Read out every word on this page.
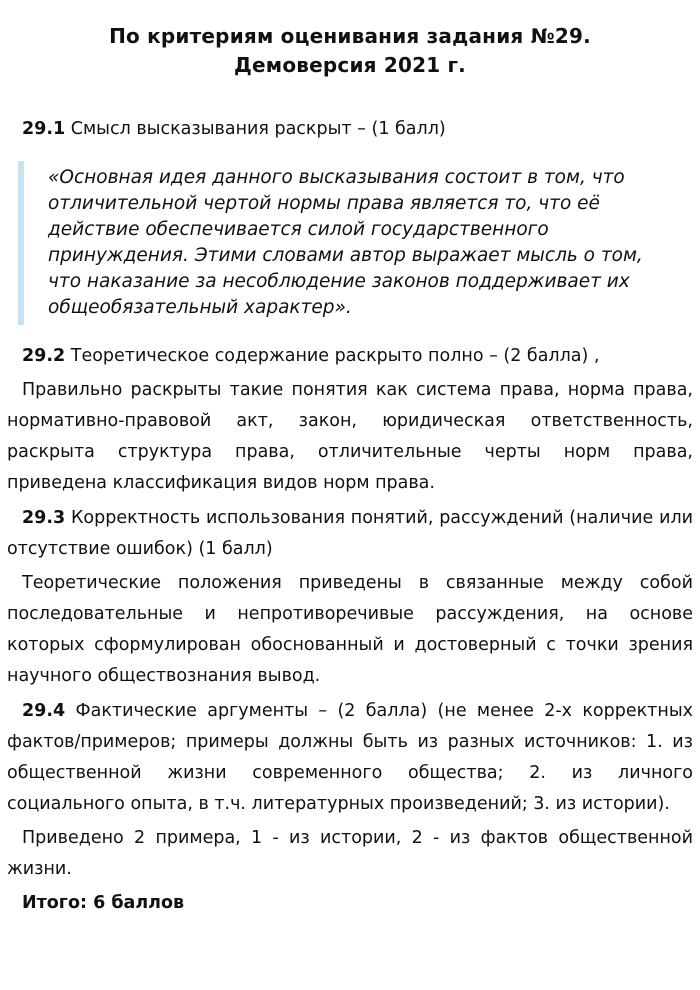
По критериям оценивания задания №29.
Демоверсия 2021 г.

29.1 Смысл высказывания раскрыт – (1 балл)

«Основная идея данного высказывания состоит в том, что отличительной чертой нормы права является то, что её действие обеспечивается силой государственного принуждения. Этими словами автор выражает мысль о том, что наказание за несоблюдение законов поддерживает их общеобязательный характер».

29.2 Теоретическое содержание раскрыто полно – (2 балла) ,

Правильно раскрыты такие понятия как система права, норма права, нормативно-правовой акт, закон, юридическая ответственность, раскрыта структура права, отличительные черты норм права, приведена классификация видов норм права.

29.3 Корректность использования понятий, рассуждений (наличие или отсутствие ошибок) (1 балл)

Теоретические положения приведены в связанные между собой последовательные и непротиворечивые рассуждения, на основе которых сформулирован обоснованный и достоверный с точки зрения научного обществознания вывод.

29.4 Фактические аргументы – (2 балла) (не менее 2-х корректных фактов/примеров; примеры должны быть из разных источников: 1. из общественной жизни современного общества; 2. из личного социального опыта, в т.ч. литературных произведений; 3. из истории).

Приведено 2 примера, 1 - из истории, 2 - из фактов общественной жизни.

Итого: 6 баллов
